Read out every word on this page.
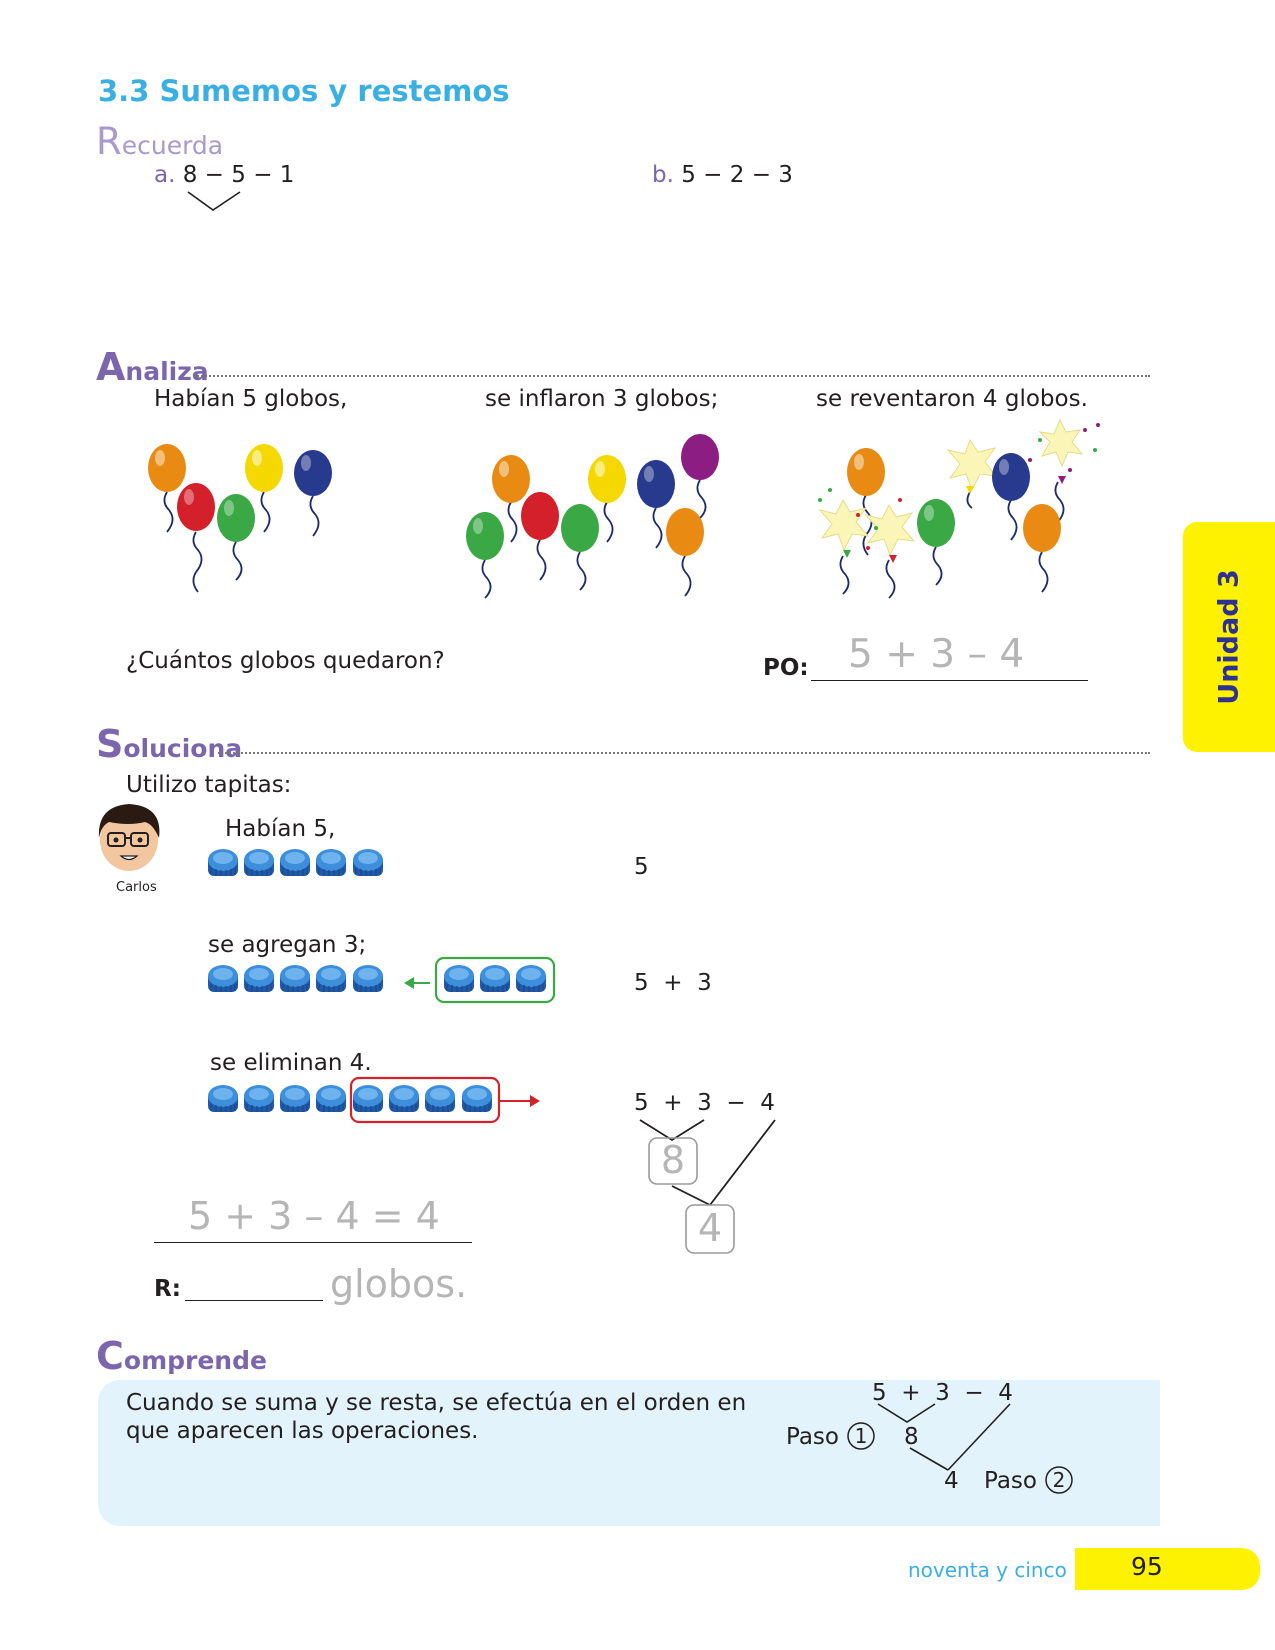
3.3 Sumemos y restemos
Recuerda
a. 8 − 5 − 1	b. 5 − 2 − 3
Analiza
Habían 5 globos,	se inflaron 3 globos;	se reventaron 4 globos.
¿Cuántos globos quedaron?	PO: 5 + 3 – 4	Unidad 3
Soluciona
Utilizo tapitas:
Carlos
Habían 5,
se agregan 3;
se eliminan 4.
5
5  +  3
5  +  3  −  4
8
4
5 + 3 – 4 = 4
R:	globos.
Comprende
Cuando se suma y se resta, se efectúa en el orden en
que aparecen las operaciones.
5  +  3  −  4
Paso 1 8
4 Paso 2
noventa y cinco	95
